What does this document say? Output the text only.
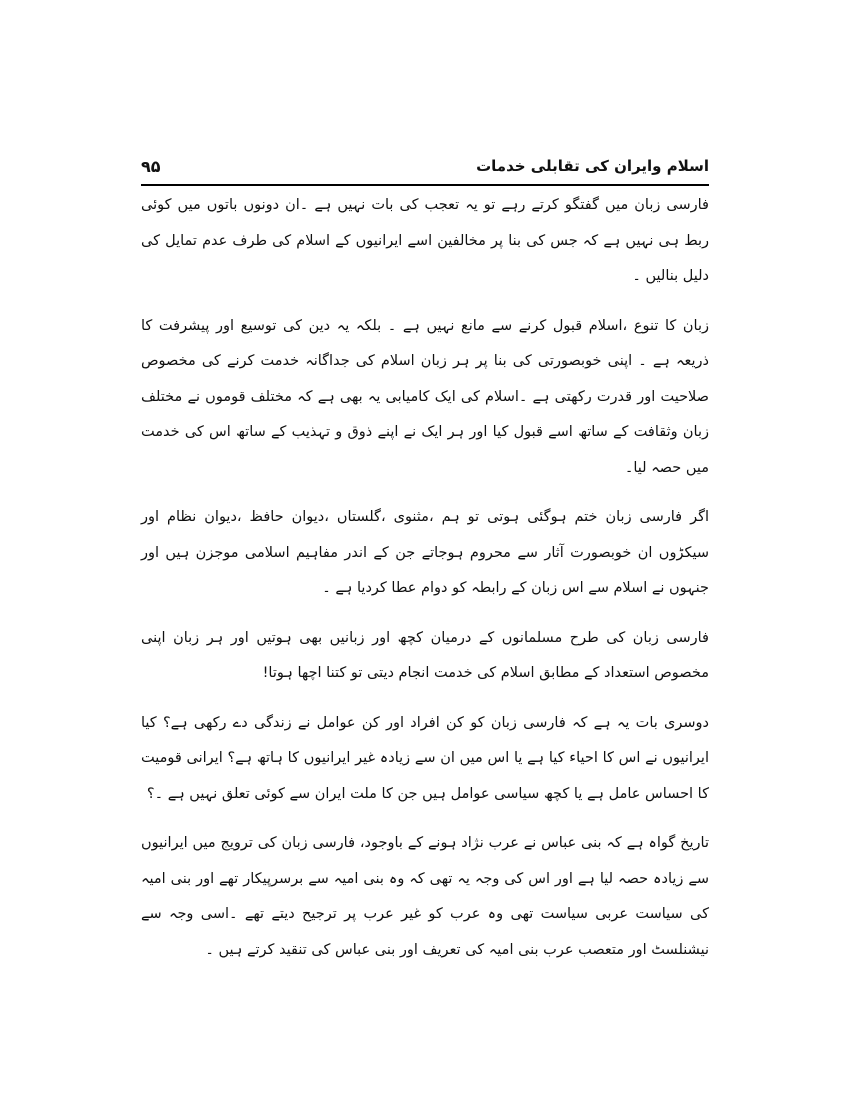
۹۵	اسلام وایران کی تقابلی خدمات

فارسی زبان میں گفتگو کرتے رہے تو یہ تعجب کی بات نہیں ہے ۔ان دونوں باتوں میں کوئی ربط ہی نہیں ہے کہ جس کی بنا پر مخالفین اسے ایرانیوں کے اسلام کی طرف عدم تمایل کی دلیل بنالیں ۔

زبان کا تنوع ،اسلام قبول کرنے سے مانع نہیں ہے ۔ بلکہ یہ دین کی توسیع اور پیشرفت کا ذریعہ ہے ۔ اپنی خوبصورتی کی بنا پر ہر زبان اسلام کی جداگانہ خدمت کرنے کی مخصوص صلاحیت اور قدرت رکھتی ہے ۔اسلام کی ایک کامیابی یہ بھی ہے کہ مختلف قوموں نے مختلف زبان وثقافت کے ساتھ اسے قبول کیا اور ہر ایک نے اپنے ذوق و تہذیب کے ساتھ اس کی خدمت میں حصہ لیا۔

اگر فارسی زبان ختم ہوگئی ہوتی تو ہم ،مثنوی ،گلستاں ،دیوان حافظ ،دیوان نظام اور سیکڑوں ان خوبصورت آثار سے محروم ہوجاتے جن کے اندر مفاہیم اسلامی موجزن ہیں اور جنہوں نے اسلام سے اس زبان کے رابطہ کو دوام عطا کردیا ہے ۔

فارسی زبان کی طرح مسلمانوں کے درمیان کچھ اور زبانیں بھی ہوتیں اور ہر زبان اپنی مخصوص استعداد کے مطابق اسلام کی خدمت انجام دیتی تو کتنا اچھا ہوتا!

دوسری بات یہ ہے کہ فارسی زبان کو کن افراد اور کن عوامل نے زندگی دے رکھی ہے؟ کیا ایرانیوں نے اس کا احیاء کیا ہے یا اس میں ان سے زیادہ غیر ایرانیوں کا ہاتھ ہے؟ ایرانی قومیت کا احساس عامل ہے یا کچھ سیاسی عوامل ہیں جن کا ملت ایران سے کوئی تعلق نہیں ہے ۔؟

تاریخ گواہ ہے کہ بنی عباس نے عرب نژاد ہونے کے باوجود، فارسی زبان کی ترویج میں ایرانیوں سے زیادہ حصہ لیا ہے اور اس کی وجہ یہ تھی کہ وہ بنی امیہ سے برسرپیکار تھے اور بنی امیہ کی سیاست عربی سیاست تھی وہ عرب کو غیر عرب پر ترجیح دیتے تھے ۔اسی وجہ سے نیشنلسٹ اور متعصب عرب بنی امیہ کی تعریف اور بنی عباس کی تنقید کرتے ہیں ۔
